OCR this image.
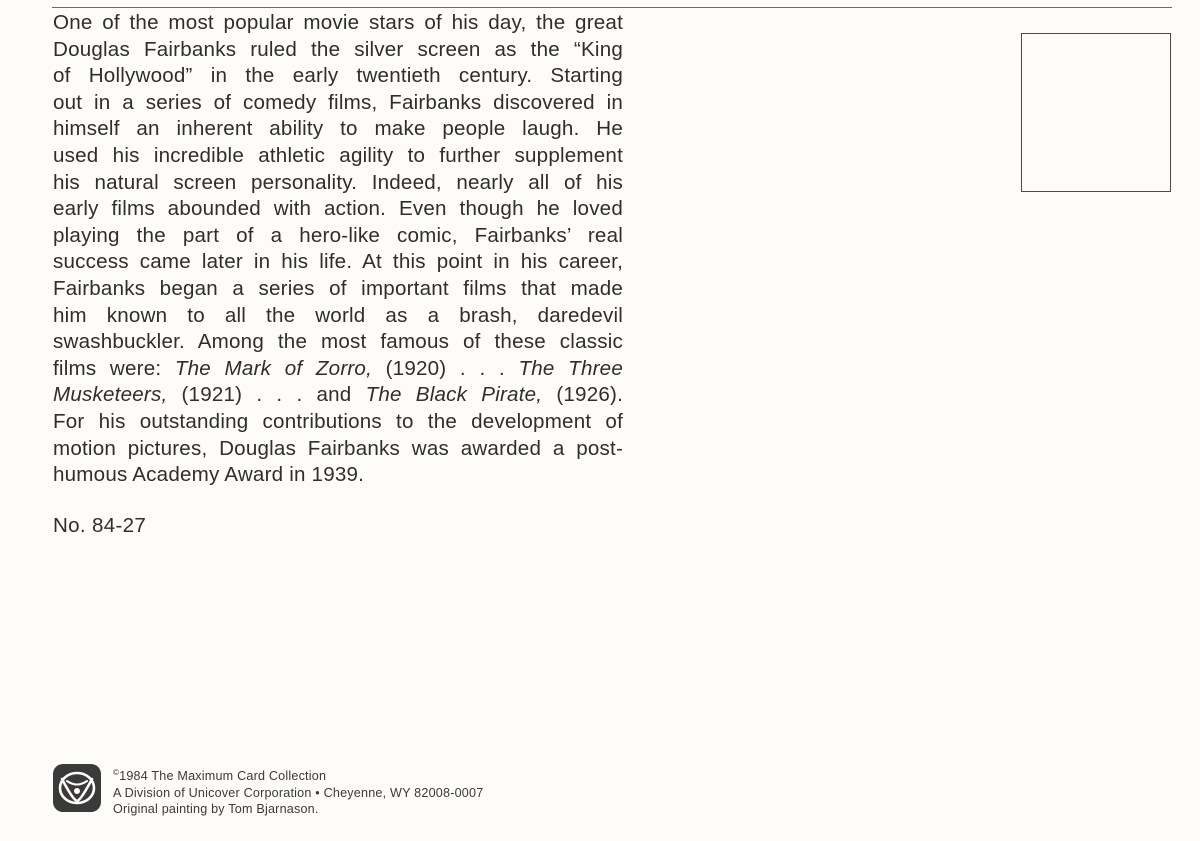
One of the most popular movie stars of his day, the great
Douglas Fairbanks ruled the silver screen as the “King
of Hollywood” in the early twentieth century. Starting
out in a series of comedy films, Fairbanks discovered in
himself an inherent ability to make people laugh. He
used his incredible athletic agility to further supplement
his natural screen personality. Indeed, nearly all of his
early films abounded with action. Even though he loved
playing the part of a hero-like comic, Fairbanks’ real
success came later in his life. At this point in his career,
Fairbanks began a series of important films that made
him known to all the world as a brash, daredevil
swashbuckler. Among the most famous of these classic
films were: The Mark of Zorro, (1920) . . . The Three
Musketeers, (1921) . . . and The Black Pirate, (1926).
For his outstanding contributions to the development of
motion pictures, Douglas Fairbanks was awarded a post-
humous Academy Award in 1939.
No. 84-27
©1984 The Maximum Card Collection
A Division of Unicover Corporation • Cheyenne, WY 82008-0007
Original painting by Tom Bjarnason.
